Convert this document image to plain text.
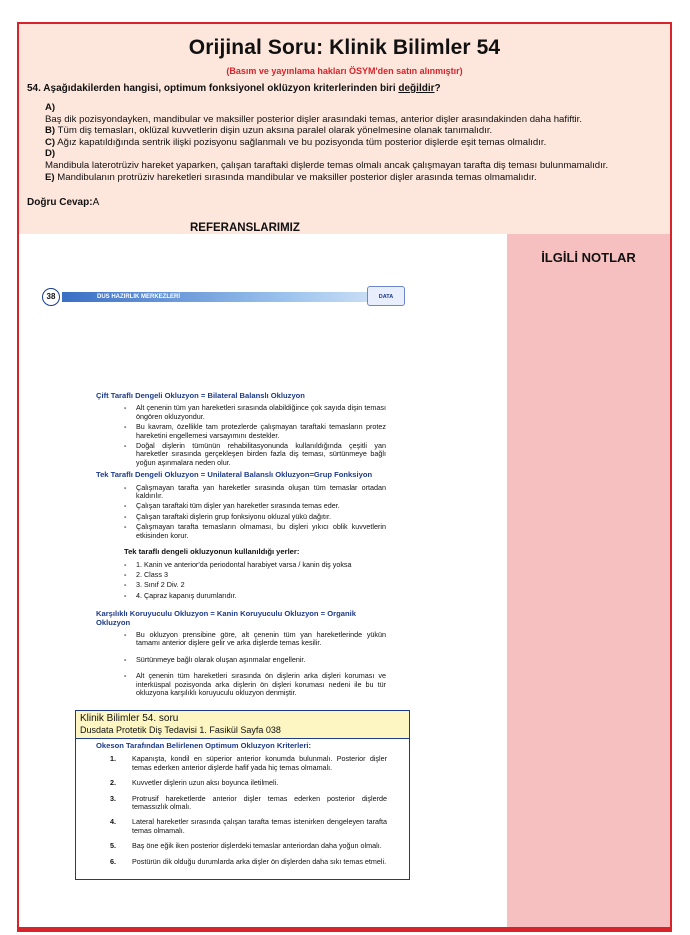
Orijinal Soru: Klinik Bilimler 54
(Basım ve yayınlama hakları ÖSYM'den satın alınmıştır)
54. Aşağıdakilerden hangisi, optimum fonksiyonel oklüzyon kriterlerinden biri değildir?
A)
Baş dik pozisyondayken, mandibular ve maksiller posterior dişler arasındaki temas, anterior dişler arasındakinden daha hafiftir.
B) Tüm diş temasları, oklüzal kuvvetlerin dişin uzun aksına paralel olarak yönelmesine olanak tanımalıdır.
C) Ağız kapatıldığında sentrik ilişki pozisyonu sağlanmalı ve bu pozisyonda tüm posterior dişlerde eşit temas olmalıdır.
D)
Mandibula laterotrüziv hareket yaparken, çalışan taraftaki dişlerde temas olmalı ancak çalışmayan tarafta diş teması bulunmamalıdır.
E) Mandibulanın protrüziv hareketleri sırasında mandibular ve maksiller posterior dişler arasında temas olmamalıdır.
Doğru Cevap:A
İLGİLİ NOTLAR
REFERANSLARIMIZ
DUS HAZIRLIK MERKEZLERİ
38	DATA
Çift Taraflı Dengeli Okluzyon = Bilateral Balanslı Okluzyon
- Alt çenenin tüm yan hareketleri sırasında olabildiğince çok sayıda dişin teması öngören okluzyondur.
- Bu kavram, özellikle tam protezlerde çalışmayan taraftaki temasların protez hareketini engellemesi varsayımını destekler.
- Doğal dişlerin tümünün rehabilitasyonunda kullanıldığında çeşitli yan hareketler sırasında gerçekleşen birden fazla diş teması, sürtünmeye bağlı yoğun aşınmalara neden olur.
Tek Taraflı Dengeli Okluzyon = Unilateral Balanslı Okluzyon=Grup Fonksiyon
- Çalışmayan tarafta yan hareketler sırasında oluşan tüm temaslar ortadan kaldırılır.
- Çalışan taraftaki tüm dişler yan hareketler sırasında temas eder.
- Çalışan taraftaki dişlerin grup fonksiyonu okluzal yükü dağıtır.
- Çalışmayan tarafta temasların olmaması, bu dişleri yıkıcı oblik kuvvetlerin etkisinden korur.
Tek taraflı dengeli okluzyonun kullanıldığı yerler:
- 1. Kanin ve anterior'da periodontal harabiyet varsa / kanin diş yoksa
- 2. Class 3
- 3. Sınıf 2 Div. 2
- 4. Çapraz kapanış durumlarıdır.
Karşılıklı Koruyuculu Okluzyon = Kanin Koruyuculu Okluzyon = Organik Okluzyon
- Bu okluzyon prensibine göre, alt çenenin tüm yan hareketlerinde yükün tamamı anterior dişlere gelir ve arka dişlerde temas kesilir.
- Sürtünmeye bağlı olarak oluşan aşınmalar engellenir.
- Alt çenenin tüm hareketleri sırasında ön dişlerin arka dişleri koruması ve interküspal pozisyonda arka dişlerin ön dişleri koruması nedeni ile bu tür okluzyona karşılıklı koruyuculu okluzyon denmiştir.
Klinik Bilimler 54. soru
Dusdata Protetik Diş Tedavisi 1. Fasikül Sayfa 038
Okeson Tarafından Belirlenen Optimum Okluzyon Kriterleri:
1. Kapanışta, kondil en süperior anterior konumda bulunmalı. Posterior dişler temas ederken anterior dişlerde hafif yada hiç temas olmamalı.
2. Kuvvetler dişlerin uzun aksı boyunca iletilmeli.
3. Protrusif hareketlerde anterior dişler temas ederken posterior dişlerde temassızlık olmalı.
4. Lateral hareketler sırasında çalışan tarafta temas istenirken dengeleyen tarafta temas olmamalı.
5. Baş öne eğik iken posterior dişlerdeki temaslar anteriordan daha yoğun olmalı.
6. Postürün dik olduğu durumlarda arka dişler ön dişlerden daha sıkı temas etmeli.
